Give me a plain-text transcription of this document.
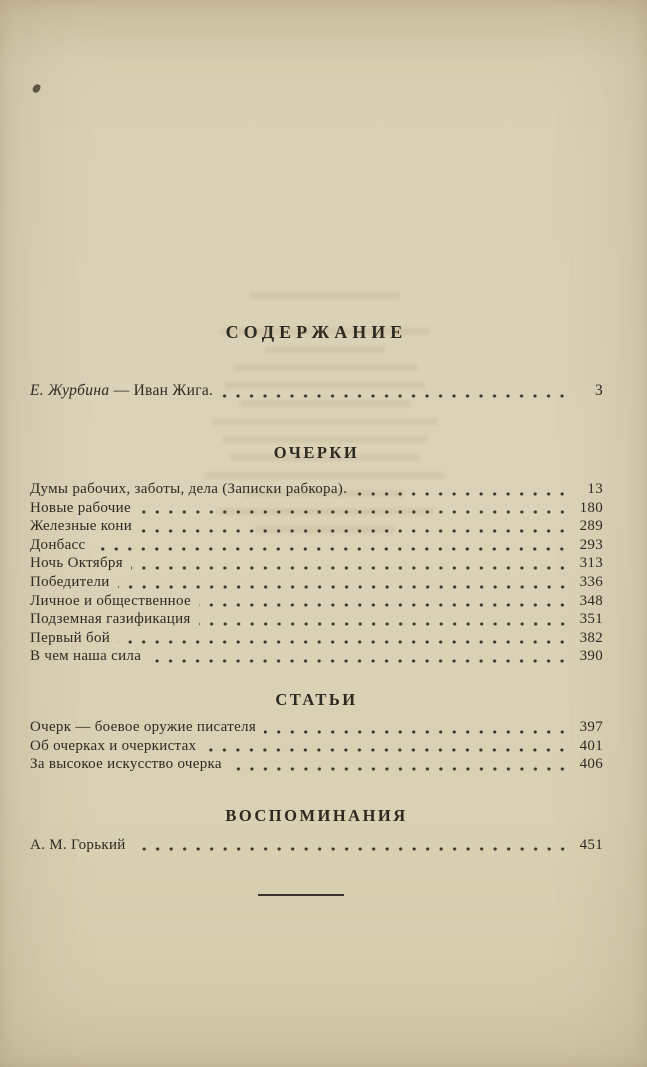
СОДЕРЖАНИЕ
Е. Журбина — Иван Жига.	3
ОЧЕРКИ
Думы рабочих, заботы, дела (Записки рабкора).	13
Новые рабочие	180
Железные кони	289
Донбасс	293
Ночь Октября	313
Победители	336
Личное и общественное	348
Подземная газификация	351
Первый бой	382
В чем наша сила	390
СТАТЬИ
Очерк — боевое оружие писателя	397
Об очерках и очеркистах	401
За высокое искусство очерка	406
ВОСПОМИНАНИЯ
А. М. Горький	451
